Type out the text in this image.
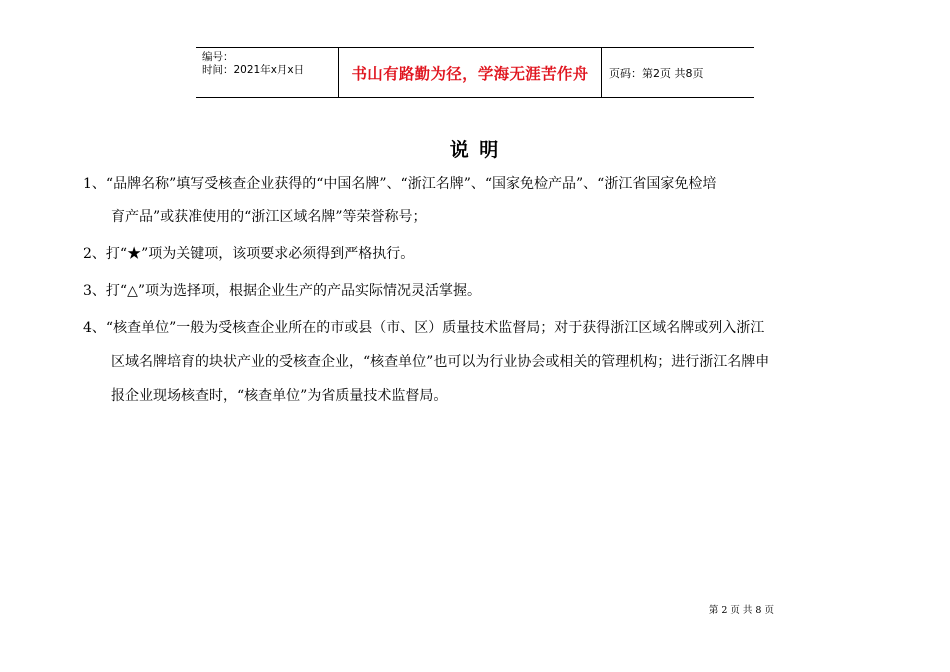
编号：
时间：2021年x月x日	书山有路勤为径，学海无涯苦作舟 页码：第2页 共8页
说 明
1、“品牌名称”填写受核查企业获得的“中国名牌”、“浙江名牌”、“国家免检产品”、“浙江省国家免检培
育产品”或获准使用的“浙江区域名牌”等荣誉称号；
2、打“★”项为关键项，该项要求必须得到严格执行。
3、打“△”项为选择项，根据企业生产的产品实际情况灵活掌握。
4、“核查单位”一般为受核查企业所在的市或县（市、区）质量技术监督局；对于获得浙江区域名牌或列入浙江
区域名牌培育的块状产业的受核查企业，“核查单位”也可以为行业协会或相关的管理机构；进行浙江名牌申
报企业现场核查时，“核查单位”为省质量技术监督局。
第 2 页 共 8 页
